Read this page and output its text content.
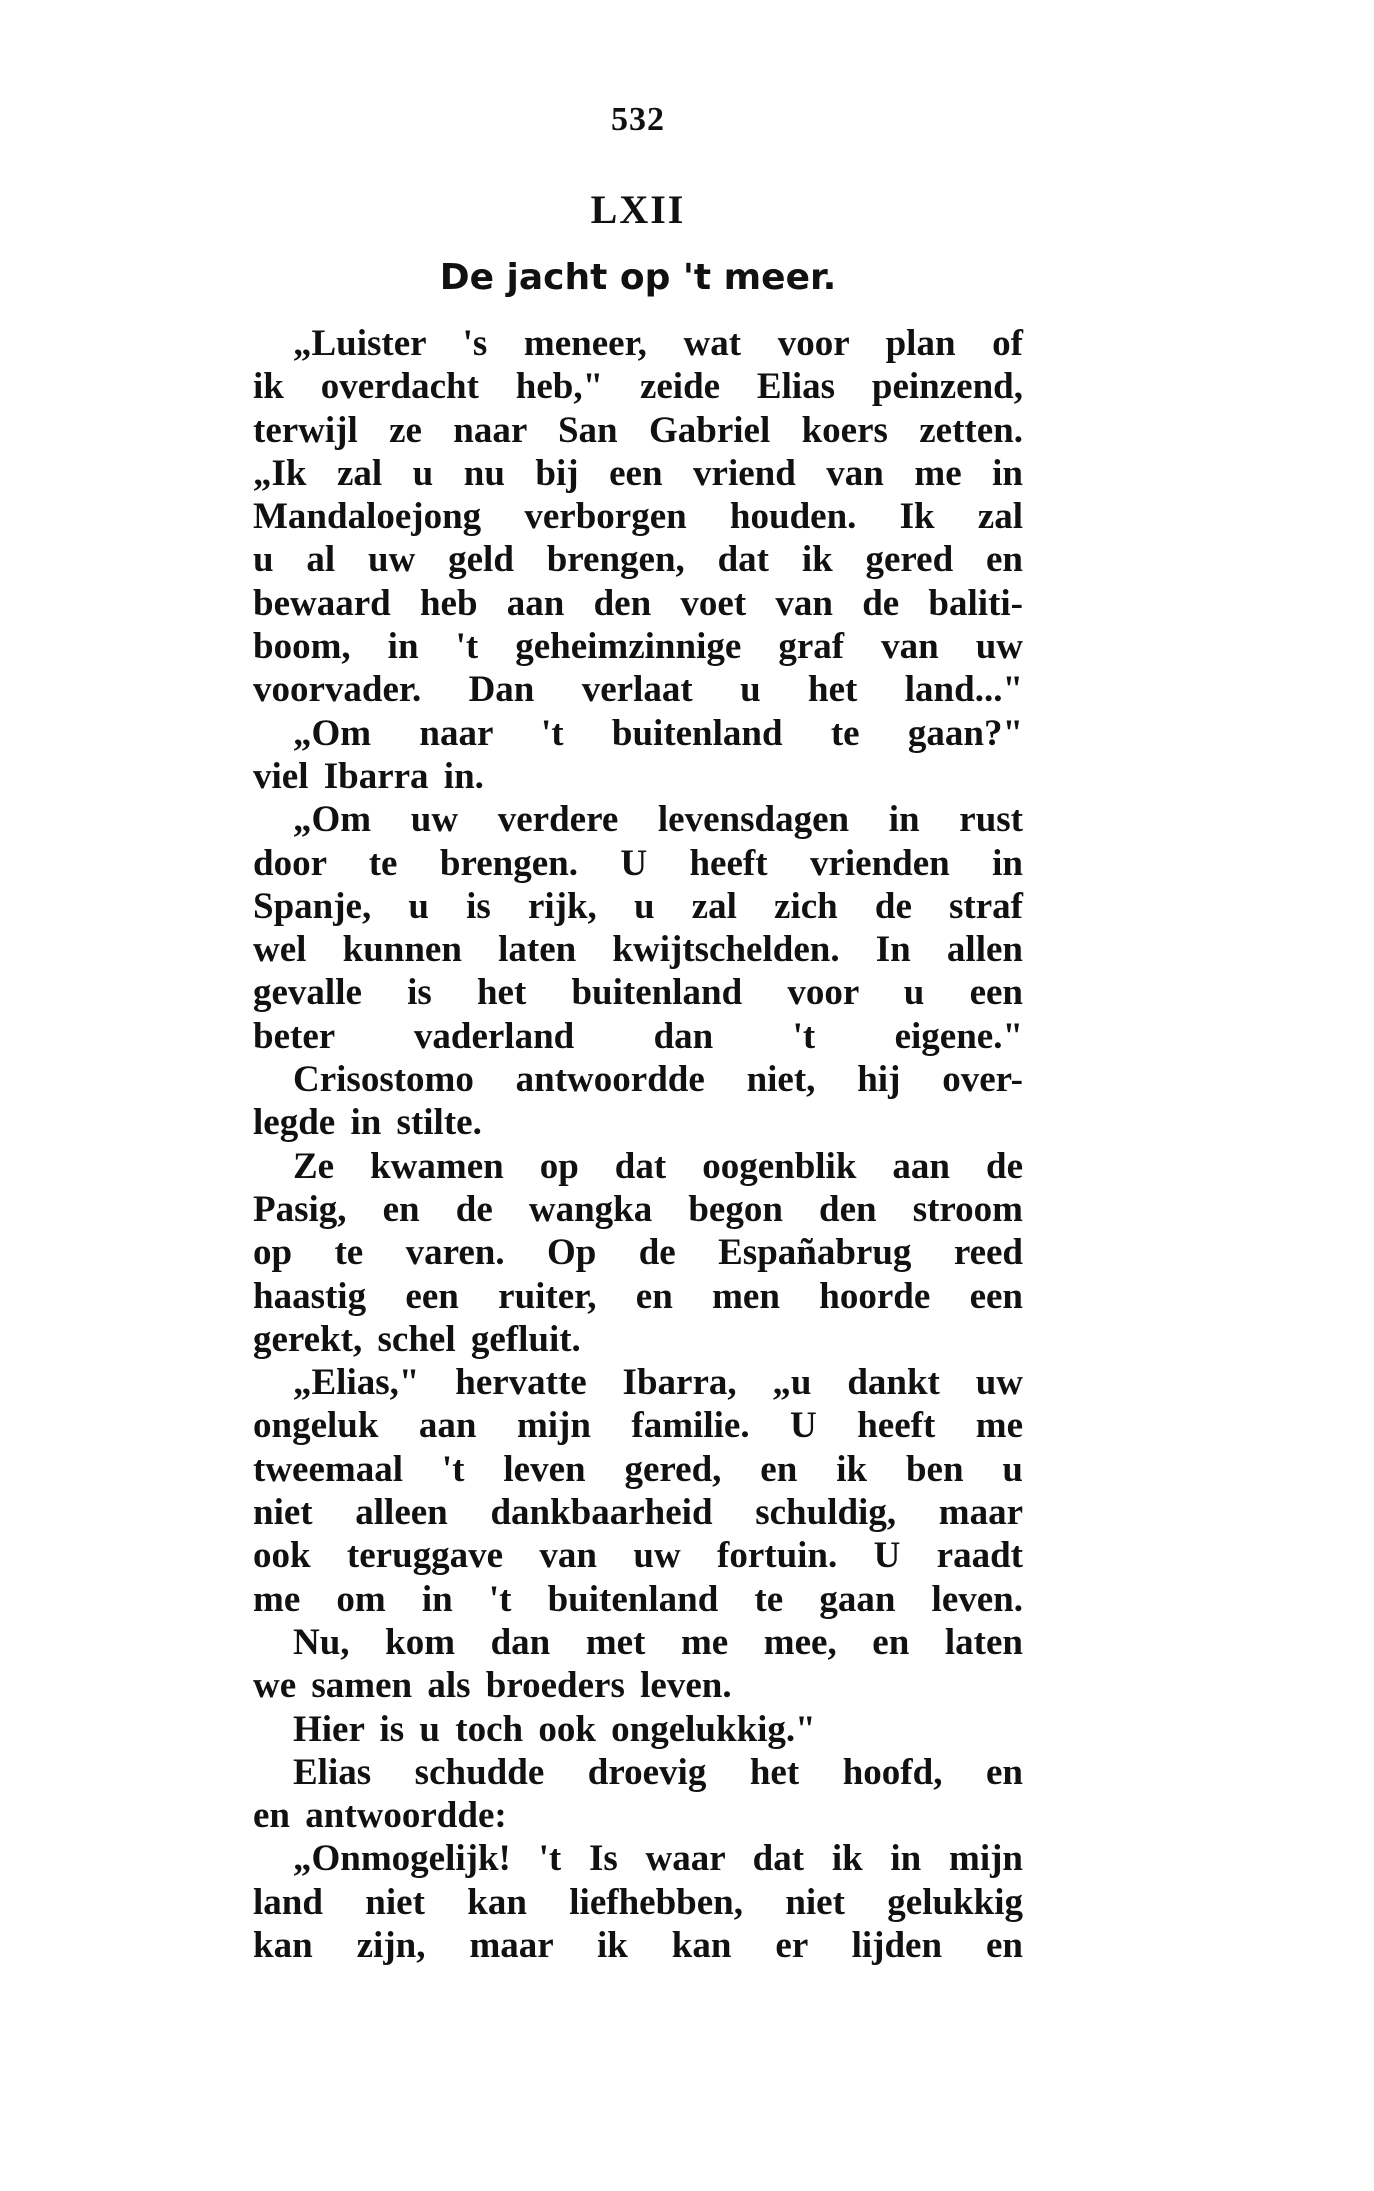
532
LXII
De jacht op 't meer.

„Luister 's meneer, wat voor plan of

ik overdacht heb," zeide Elias peinzend,

terwijl ze naar San Gabriel koers zetten.

„Ik zal u nu bij een vriend van me in

Mandaloejong verborgen houden. Ik zal

u al uw geld brengen, dat ik gered en

bewaard heb aan den voet van de baliti-

boom, in 't geheimzinnige graf van uw

voorvader. Dan verlaat u het land..."

„Om naar 't buitenland te gaan?"

viel Ibarra in.

„Om uw verdere levensdagen in rust

door te brengen. U heeft vrienden in

Spanje, u is rijk, u zal zich de straf

wel kunnen laten kwijtschelden. In allen

gevalle is het buitenland voor u een

beter vaderland dan 't eigene."

Crisostomo antwoordde niet, hij over-

legde in stilte.

Ze kwamen op dat oogenblik aan de

Pasig, en de wangka begon den stroom

op te varen. Op de Españabrug reed

haastig een ruiter, en men hoorde een

gerekt, schel gefluit.

„Elias," hervatte Ibarra, „u dankt uw

ongeluk aan mijn familie. U heeft me

tweemaal 't leven gered, en ik ben u

niet alleen dankbaarheid schuldig, maar

ook teruggave van uw fortuin. U raadt

me om in 't buitenland te gaan leven.

Nu, kom dan met me mee, en laten

we samen als broeders leven.

Hier is u toch ook ongelukkig."

Elias schudde droevig het hoofd, en

en antwoordde:

„Onmogelijk! 't Is waar dat ik in mijn

land niet kan liefhebben, niet gelukkig

kan zijn, maar ik kan er lijden en
